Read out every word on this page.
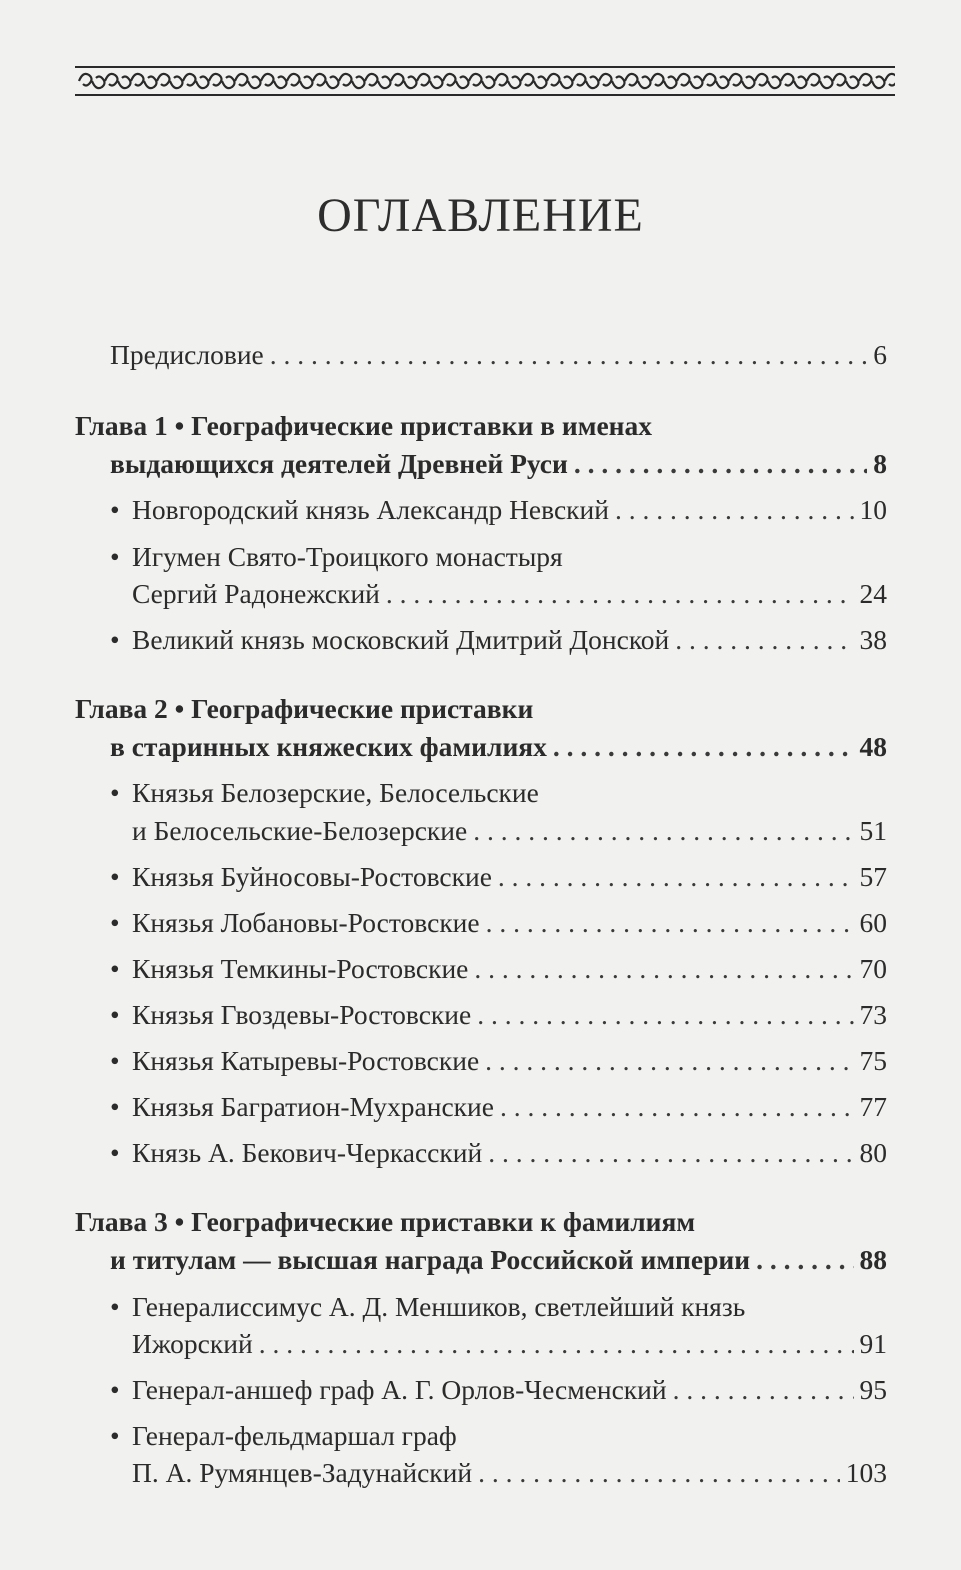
ОГЛАВЛЕНИЕ
Предисловие . . .	6
Глава 1 • Географические приставки в именах
выдающихся деятелей Древней Руси . . .	8
• Новгородский князь Александр Невский . . .	10
• Игумен Свято-Троицкого монастыря
Сергий Радонежский . . .	24
• Великий князь московский Дмитрий Донской . . .	38
Глава 2 • Географические приставки
в старинных княжеских фамилиях . . .	48
• Князья Белозерские, Белосельские
и Белосельские-Белозерские . . .	51
• Князья Буйносовы-Ростовские . . .	57
• Князья Лобановы-Ростовские . . .	60
• Князья Темкины-Ростовские . . .	70
• Князья Гвоздевы-Ростовские . . .	73
• Князья Катыревы-Ростовские . . .	75
• Князья Багратион-Мухранские . . .	77
• Князь А. Бекович-Черкасский . . .	80
Глава 3 • Географические приставки к фамилиям
и титулам — высшая награда Российской империи . . .	88
• Генералиссимус А. Д. Меншиков, светлейший князь
Ижорский . . .	91
• Генерал-аншеф граф А. Г. Орлов-Чесменский . . .	95
• Генерал-фельдмаршал граф
П. А. Румянцев-Задунайский . . .	103
